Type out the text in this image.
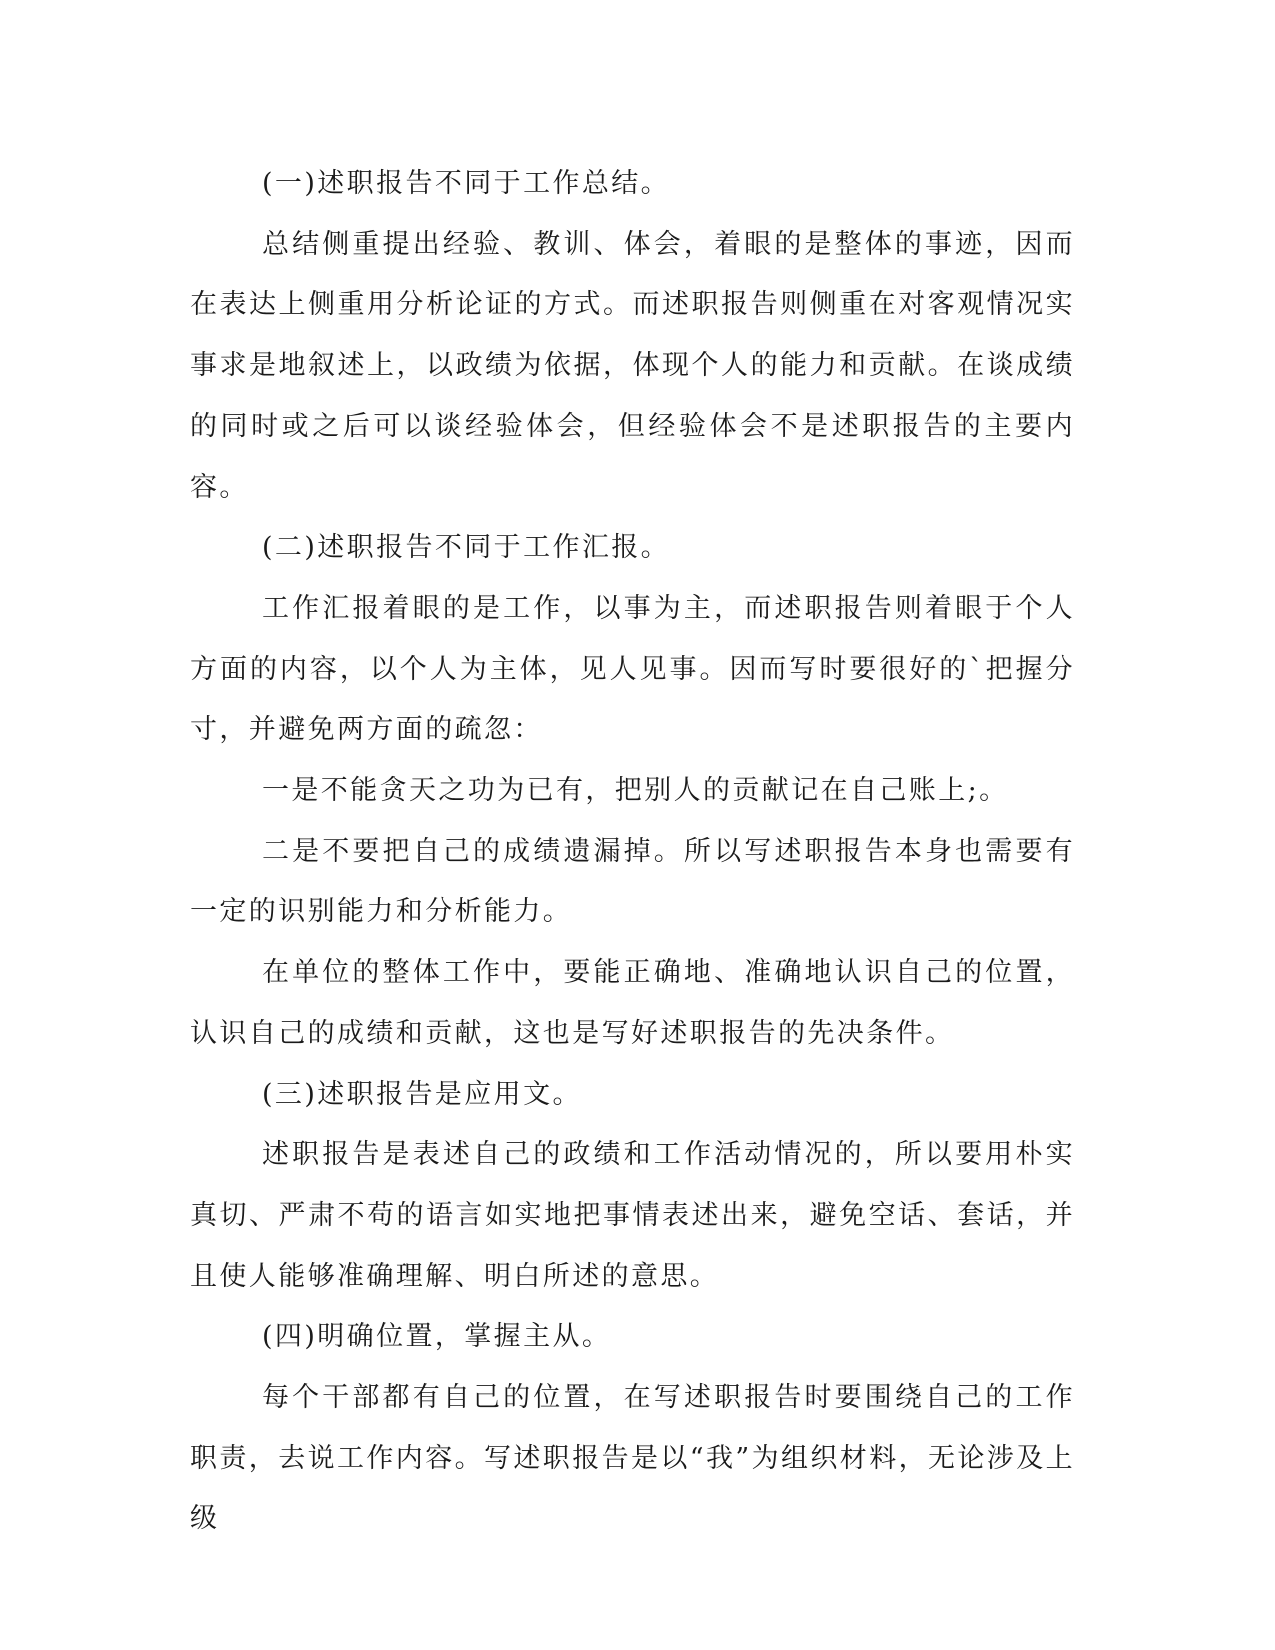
(一)述职报告不同于工作总结。

总结侧重提出经验、教训、体会，着眼的是整体的事迹，因而在表达上侧重用分析论证的方式。而述职报告则侧重在对客观情况实事求是地叙述上，以政绩为依据，体现个人的能力和贡献。在谈成绩的同时或之后可以谈经验体会，但经验体会不是述职报告的主要内容。

(二)述职报告不同于工作汇报。

工作汇报着眼的是工作，以事为主，而述职报告则着眼于个人方面的内容，以个人为主体，见人见事。因而写时要很好的`把握分寸，并避免两方面的疏忽：

一是不能贪天之功为已有，把别人的贡献记在自己账上;。

二是不要把自己的成绩遗漏掉。所以写述职报告本身也需要有一定的识别能力和分析能力。

在单位的整体工作中，要能正确地、准确地认识自己的位置，认识自己的成绩和贡献，这也是写好述职报告的先决条件。

(三)述职报告是应用文。

述职报告是表述自己的政绩和工作活动情况的，所以要用朴实真切、严肃不苟的语言如实地把事情表述出来，避免空话、套话，并且使人能够准确理解、明白所述的意思。

(四)明确位置，掌握主从。

每个干部都有自己的位置，在写述职报告时要围绕自己的工作职责，去说工作内容。写述职报告是以“我”为组织材料，无论涉及上级
